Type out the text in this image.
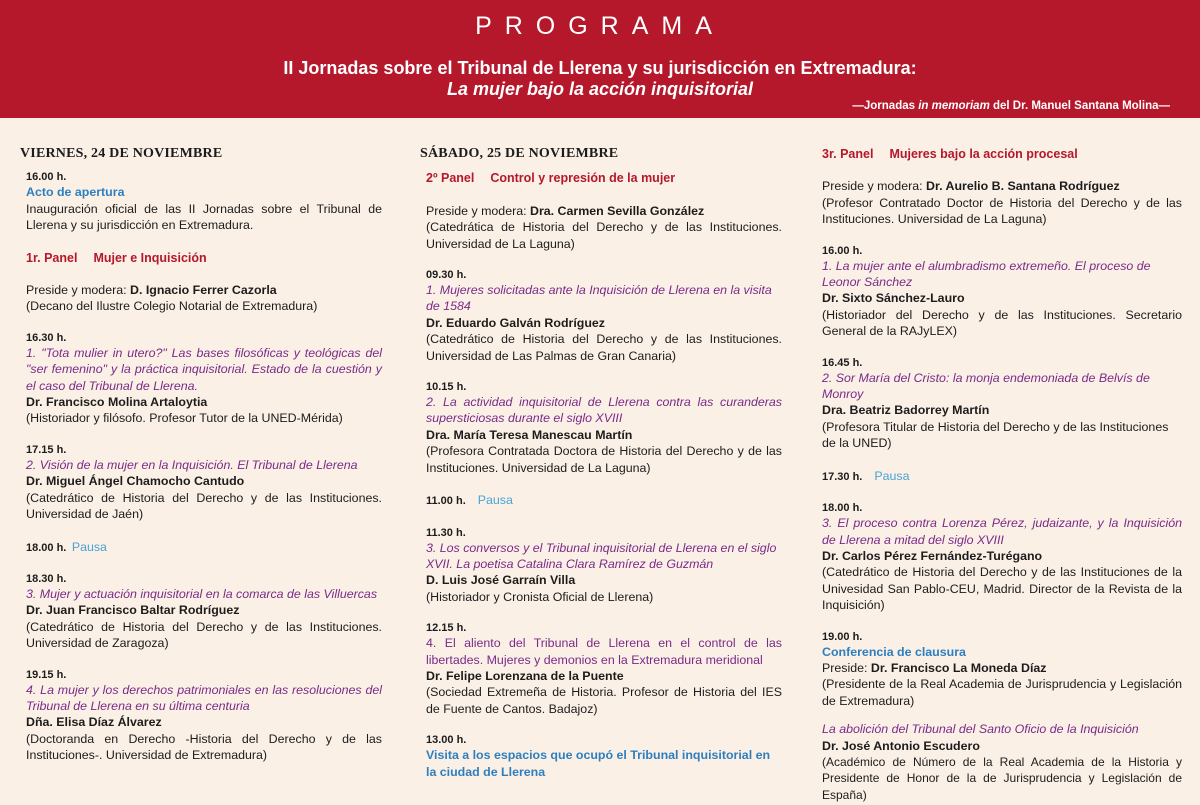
PROGRAMA
II Jornadas sobre el Tribunal de Llerena y su jurisdicción en Extremadura:
La mujer bajo la acción inquisitorial
—Jornadas in memoriam del Dr. Manuel Santana Molina—
VIERNES, 24 DE NOVIEMBRE
16.00 h.
Acto de apertura
Inauguración oficial de las II Jornadas sobre el Tribunal de Llerena y su jurisdicción en Extremadura.
1r. Panel Mujer e Inquisición
Preside y modera: D. Ignacio Ferrer Cazorla
(Decano del Ilustre Colegio Notarial de Extremadura)
16.30 h.
1. "Tota mulier in utero?" Las bases filosóficas y teológicas del "ser femenino" y la práctica inquisitorial. Estado de la cuestión y el caso del Tribunal de Llerena.
Dr. Francisco Molina Artaloytia
(Historiador y filósofo. Profesor Tutor de la UNED-Mérida)
17.15 h.
2. Visión de la mujer en la Inquisición. El Tribunal de Llerena
Dr. Miguel Ángel Chamocho Cantudo
(Catedrático de Historia del Derecho y de las Instituciones. Universidad de Jaén)
18.00 h. Pausa
18.30 h.
3. Mujer y actuación inquisitorial en la comarca de las Villuercas
Dr. Juan Francisco Baltar Rodríguez
(Catedrático de Historia del Derecho y de las Instituciones. Universidad de Zaragoza)
19.15 h.
4. La mujer y los derechos patrimoniales en las resoluciones del Tribunal de Llerena en su última centuria
Dña. Elisa Díaz Álvarez
(Doctoranda en Derecho -Historia del Derecho y de las Instituciones-. Universidad de Extremadura)
SÁBADO, 25 DE NOVIEMBRE
2º Panel Control y represión de la mujer
Preside y modera: Dra. Carmen Sevilla González
(Catedrática de Historia del Derecho y de las Instituciones. Universidad de La Laguna)
09.30 h.
1. Mujeres solicitadas ante la Inquisición de Llerena en la visita de 1584
Dr. Eduardo Galván Rodríguez
(Catedrático de Historia del Derecho y de las Instituciones. Universidad de Las Palmas de Gran Canaria)
10.15 h.
2. La actividad inquisitorial de Llerena contra las curanderas supersticiosas durante el siglo XVIII
Dra. María Teresa Manescau Martín
(Profesora Contratada Doctora de Historia del Derecho y de las Instituciones. Universidad de La Laguna)
11.00 h. Pausa
11.30 h.
3. Los conversos y el Tribunal inquisitorial de Llerena en el siglo XVII. La poetisa Catalina Clara Ramírez de Guzmán
D. Luis José Garraín Villa
(Historiador y Cronista Oficial de Llerena)
12.15 h.
4. El aliento del Tribunal de Llerena en el control de las libertades. Mujeres y demonios en la Extremadura meridional
Dr. Felipe Lorenzana de la Puente
(Sociedad Extremeña de Historia. Profesor de Historia del IES de Fuente de Cantos. Badajoz)
13.00 h.
Visita a los espacios que ocupó el Tribunal inquisitorial en la ciudad de Llerena
3r. Panel Mujeres bajo la acción procesal
Preside y modera: Dr. Aurelio B. Santana Rodríguez
(Profesor Contratado Doctor de Historia del Derecho y de las Instituciones. Universidad de La Laguna)
16.00 h.
1. La mujer ante el alumbradismo extremeño. El proceso de Leonor Sánchez
Dr. Sixto Sánchez-Lauro
(Historiador del Derecho y de las Instituciones. Secretario General de la RAJyLEX)
16.45 h.
2. Sor María del Cristo: la monja endemoniada de Belvís de Monroy
Dra. Beatriz Badorrey Martín
(Profesora Titular de Historia del Derecho y de las Instituciones de la UNED)
17.30 h. Pausa
18.00 h.
3. El proceso contra Lorenza Pérez, judaizante, y la Inquisición de Llerena a mitad del siglo XVIII
Dr. Carlos Pérez Fernández-Turégano
(Catedrático de Historia del Derecho y de las Instituciones de la Univesidad San Pablo-CEU, Madrid. Director de la Revista de la Inquisición)
19.00 h.
Conferencia de clausura
Preside: Dr. Francisco La Moneda Díaz
(Presidente de la Real Academia de Jurisprudencia y Legislación de Extremadura)
La abolición del Tribunal del Santo Oficio de la Inquisición
Dr. José Antonio Escudero
(Académico de Número de la Real Academia de la Historia y Presidente de Honor de la de Jurisprudencia y Legislación de España)
